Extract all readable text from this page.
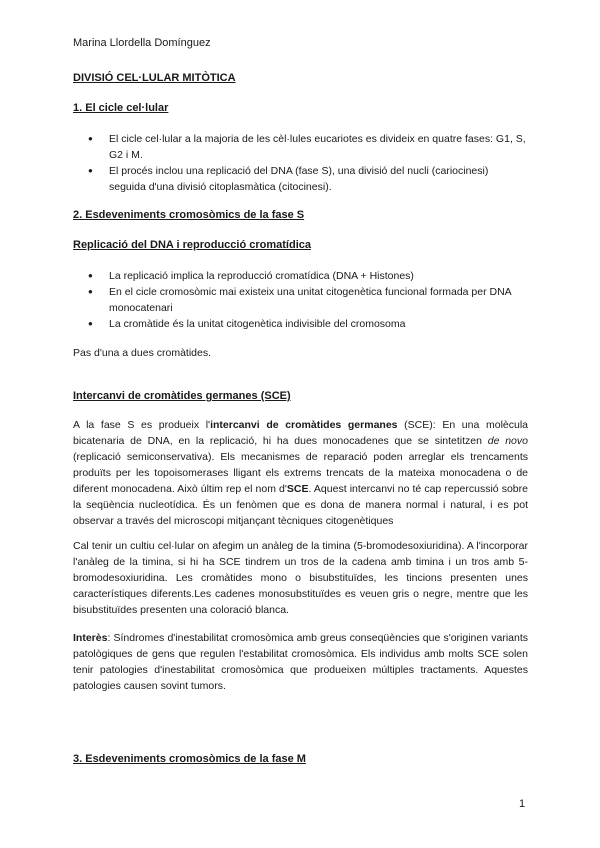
Marina Llordella Domínguez
DIVISIÓ CEL·LULAR MITÒTICA
1. El cicle cel·lular
● El cicle cel·lular a la majoria de les cèl·lules eucariotes es divideix en quatre fases: G1, S, G2 i M.
● El procés inclou una replicació del DNA (fase S), una divisió del nucli (cariocinesi) seguida d'una divisió citoplasmàtica (citocinesi).
2. Esdeveniments cromosòmics de la fase S
Replicació del DNA i reproducció cromatídica
● La replicació implica la reproducció cromatídica (DNA + Histones)
● En el cicle cromosòmic mai existeix una unitat citogenètica funcional formada per DNA monocatenari
● La cromàtide és la unitat citogenètica indivisible del cromosoma

Pas d'una a dues cromàtides.

Intercanvi de cromàtides germanes (SCE)

A la fase S es produeix l'intercanvi de cromàtides germanes (SCE): En una molècula bicatenaria de DNA, en la replicació, hi ha dues monocadenes que se sintetitzen de novo (replicació semiconservativa). Els mecanismes de reparació poden arreglar els trencaments produïts per les topoisomerases lligant els extrems trencats de la mateixa monocadena o de diferent monocadena. Això últim rep el nom d'SCE. Aquest intercanvi no té cap repercussió sobre la seqüència nucleotídica. És un fenòmen que es dona de manera normal i natural, i es pot observar a través del microscopi mitjançant tècniques citogenètiques

Cal tenir un cultiu cel·lular on afegim un anàleg de la timina (5-bromodesoxiuridina). A l'incorporar l'anàleg de la timina, si hi ha SCE tindrem un tros de la cadena amb timina i un tros amb 5-bromodesoxiuridina. Les cromàtides mono o bisubstituïdes, les tincions presenten unes característiques diferents.Les cadenes monosubstituïdes es veuen gris o negre, mentre que les bisubstituïdes presenten una coloració blanca.

Interès: Síndromes d'inestabilitat cromosòmica amb greus conseqüències que s'originen variants patològiques de gens que regulen l'estabilitat cromosòmica. Els individus amb molts SCE solen tenir patologies d'inestabilitat cromosòmica que produeixen múltiples tractaments. Aquestes patologies causen sovint tumors.

3. Esdeveniments cromosòmics de la fase M
1
